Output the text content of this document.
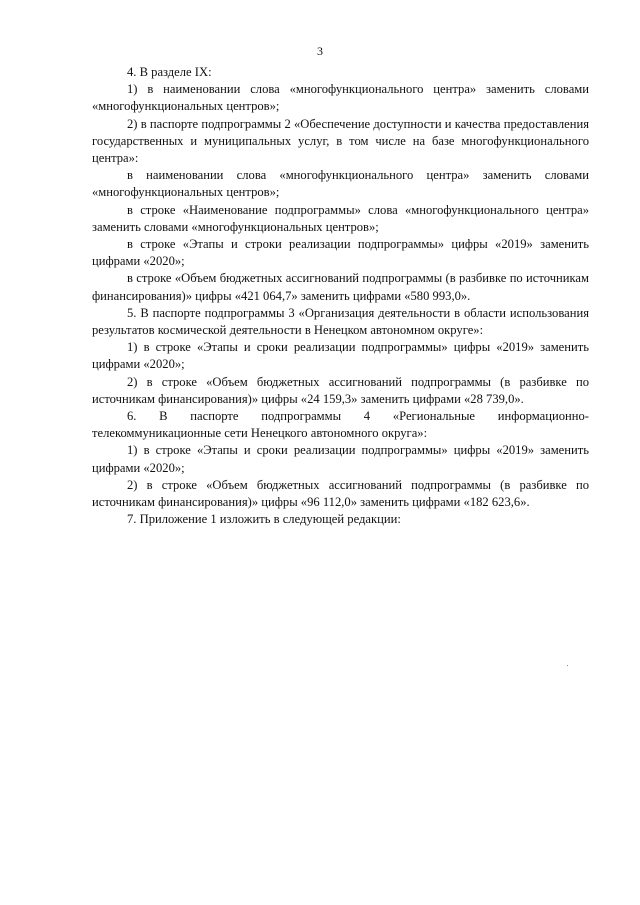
3

4. В разделе IX:

1) в наименовании слова «многофункционального центра» заменить словами «многофункциональных центров»;

2) в паспорте подпрограммы 2 «Обеспечение доступности и качества предоставления государственных и муниципальных услуг, в том числе на базе многофункционального центра»:

в наименовании слова «многофункционального центра» заменить словами «многофункциональных центров»;

в строке «Наименование подпрограммы» слова «многофункционального центра» заменить словами «многофункциональных центров»;

в строке «Этапы и строки реализации подпрограммы» цифры «2019» заменить цифрами «2020»;

в строке «Объем бюджетных ассигнований подпрограммы (в разбивке по источникам финансирования)» цифры «421 064,7» заменить цифрами «580 993,0».

5. В паспорте подпрограммы 3 «Организация деятельности в области использования результатов космической деятельности в Ненецком автономном округе»:

1) в строке «Этапы и сроки реализации подпрограммы» цифры «2019» заменить цифрами «2020»;

2) в строке «Объем бюджетных ассигнований подпрограммы (в разбивке по источникам финансирования)» цифры «24 159,3» заменить цифрами «28 739,0».

6. В паспорте подпрограммы 4 «Региональные информационно-телекоммуникационные сети Ненецкого автономного округа»:

1) в строке «Этапы и сроки реализации подпрограммы» цифры «2019» заменить цифрами «2020»;

2) в строке «Объем бюджетных ассигнований подпрограммы (в разбивке по источникам финансирования)» цифры «96 112,0» заменить цифрами «182 623,6».

7. Приложение 1 изложить в следующей редакции:
